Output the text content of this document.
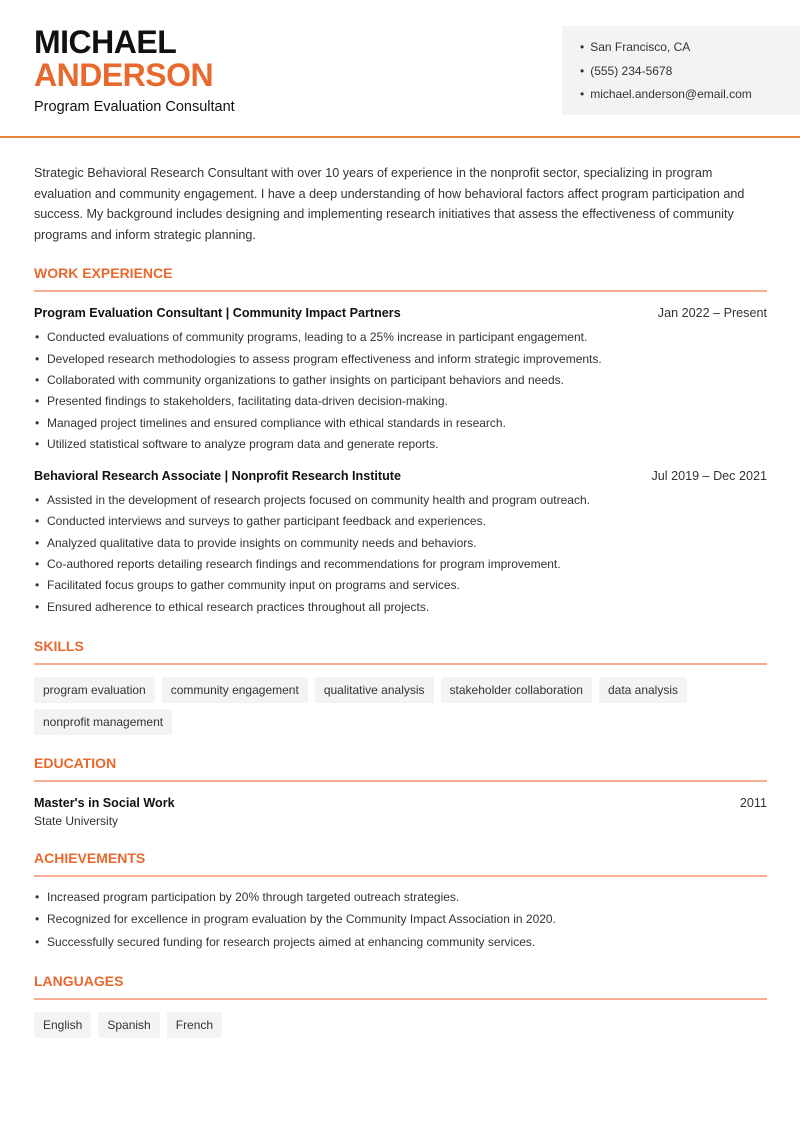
MICHAEL
ANDERSON
Program Evaluation Consultant
• San Francisco, CA
• (555) 234-5678
• michael.anderson@email.com

Strategic Behavioral Research Consultant with over 10 years of experience in the nonprofit sector, specializing in program evaluation and community engagement. I have a deep understanding of how behavioral factors affect program participation and success. My background includes designing and implementing research initiatives that assess the effectiveness of community programs and inform strategic planning.

WORK EXPERIENCE
Program Evaluation Consultant | Community Impact Partners	Jan 2022 – Present
• Conducted evaluations of community programs, leading to a 25% increase in participant engagement.
• Developed research methodologies to assess program effectiveness and inform strategic improvements.
• Collaborated with community organizations to gather insights on participant behaviors and needs.
• Presented findings to stakeholders, facilitating data-driven decision-making.
• Managed project timelines and ensured compliance with ethical standards in research.
• Utilized statistical software to analyze program data and generate reports.
Behavioral Research Associate | Nonprofit Research Institute	Jul 2019 – Dec 2021
• Assisted in the development of research projects focused on community health and program outreach.
• Conducted interviews and surveys to gather participant feedback and experiences.
• Analyzed qualitative data to provide insights on community needs and behaviors.
• Co-authored reports detailing research findings and recommendations for program improvement.
• Facilitated focus groups to gather community input on programs and services.
• Ensured adherence to ethical research practices throughout all projects.
SKILLS
program evaluation	community engagement	qualitative analysis	stakeholder collaboration	data analysis
nonprofit management
EDUCATION
Master's in Social Work	2011
State University
ACHIEVEMENTS
• Increased program participation by 20% through targeted outreach strategies.
• Recognized for excellence in program evaluation by the Community Impact Association in 2020.
• Successfully secured funding for research projects aimed at enhancing community services.
LANGUAGES
English	Spanish	French
